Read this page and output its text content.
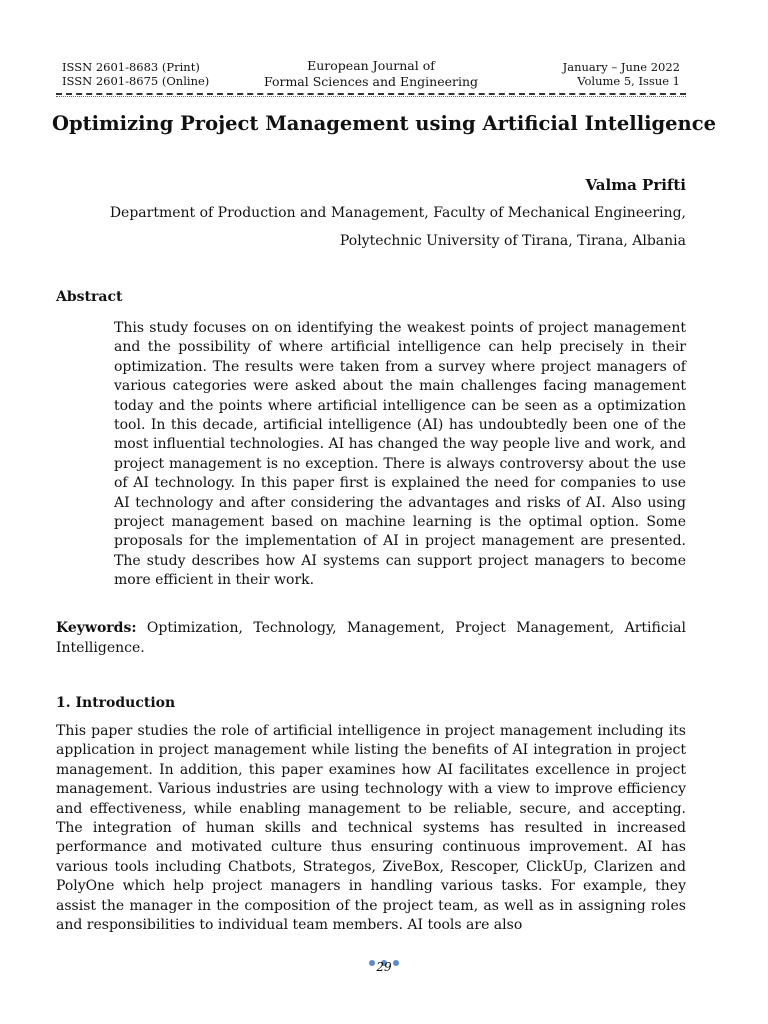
ISSN 2601-8683 (Print)
ISSN 2601-8675 (Online)
European Journal of
Formal Sciences and Engineering
January – June 2022
Volume 5, Issue 1
Optimizing Project Management using Artificial Intelligence
Valma Prifti
Department of Production and Management, Faculty of Mechanical Engineering,
Polytechnic University of Tirana, Tirana, Albania
Abstract
This study focuses on on identifying the weakest points of project management and the possibility of where artificial intelligence can help precisely in their optimization. The results were taken from a survey where project managers of various categories were asked about the main challenges facing management today and the points where artificial intelligence can be seen as a optimization tool. In this decade, artificial intelligence (AI) has undoubtedly been one of the most influential technologies. AI has changed the way people live and work, and project management is no exception. There is always controversy about the use of AI technology. In this paper first is explained the need for companies to use AI technology and after considering the advantages and risks of AI. Also using project management based on machine learning is the optimal option. Some proposals for the implementation of AI in project management are presented. The study describes how AI systems can support project managers to become more efficient in their work.
Keywords: Optimization, Technology, Management, Project Management, Artificial Intelligence.
1. Introduction
This paper studies the role of artificial intelligence in project management including its application in project management while listing the benefits of AI integration in project management. In addition, this paper examines how AI facilitates excellence in project management. Various industries are using technology with a view to improve efficiency and effectiveness, while enabling management to be reliable, secure, and accepting. The integration of human skills and technical systems has resulted in increased performance and motivated culture thus ensuring continuous improvement. AI has various tools including Chatbots, Strategos, ZiveBox, Rescoper, ClickUp, Clarizen and PolyOne which help project managers in handling various tasks. For example, they assist the manager in the composition of the project team, as well as in assigning roles and responsibilities to individual team members. AI tools are also
29
